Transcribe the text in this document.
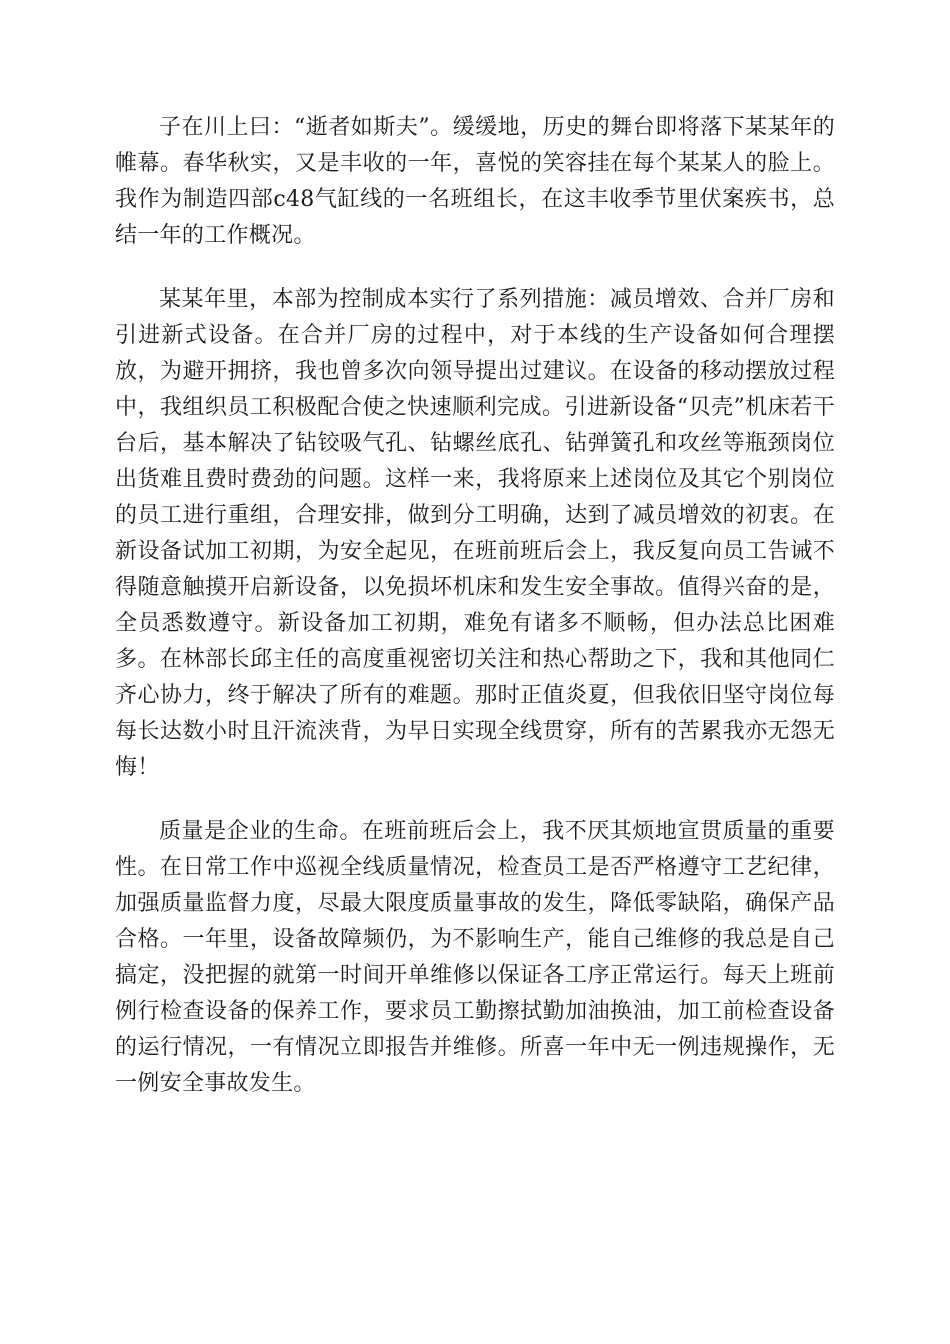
子在川上曰：“逝者如斯夫”。缓缓地，历史的舞台即将落下某某年的帷幕。春华秋实，又是丰收的一年，喜悦的笑容挂在每个某某人的脸上。我作为制造四部c48气缸线的一名班组长，在这丰收季节里伏案疾书，总结一年的工作概况。

某某年里，本部为控制成本实行了系列措施：减员增效、合并厂房和引进新式设备。在合并厂房的过程中，对于本线的生产设备如何合理摆放，为避开拥挤，我也曾多次向领导提出过建议。在设备的移动摆放过程中，我组织员工积极配合使之快速顺利完成。引进新设备“贝壳”机床若干台后，基本解决了钻铰吸气孔、钻螺丝底孔、钻弹簧孔和攻丝等瓶颈岗位出货难且费时费劲的问题。这样一来，我将原来上述岗位及其它个别岗位的员工进行重组，合理安排，做到分工明确，达到了减员增效的初衷。在新设备试加工初期，为安全起见，在班前班后会上，我反复向员工告诫不得随意触摸开启新设备，以免损坏机床和发生安全事故。值得兴奋的是，全员悉数遵守。新设备加工初期，难免有诸多不顺畅，但办法总比困难多。在林部长邱主任的高度重视密切关注和热心帮助之下，我和其他同仁齐心协力，终于解决了所有的难题。那时正值炎夏，但我依旧坚守岗位每每长达数小时且汗流浃背，为早日实现全线贯穿，所有的苦累我亦无怨无悔！

质量是企业的生命。在班前班后会上，我不厌其烦地宣贯质量的重要性。在日常工作中巡视全线质量情况，检查员工是否严格遵守工艺纪律，加强质量监督力度，尽最大限度质量事故的发生，降低零缺陷，确保产品合格。一年里，设备故障频仍，为不影响生产，能自己维修的我总是自己搞定，没把握的就第一时间开单维修以保证各工序正常运行。每天上班前例行检查设备的保养工作，要求员工勤擦拭勤加油换油，加工前检查设备的运行情况，一有情况立即报告并维修。所喜一年中无一例违规操作，无一例安全事故发生。
